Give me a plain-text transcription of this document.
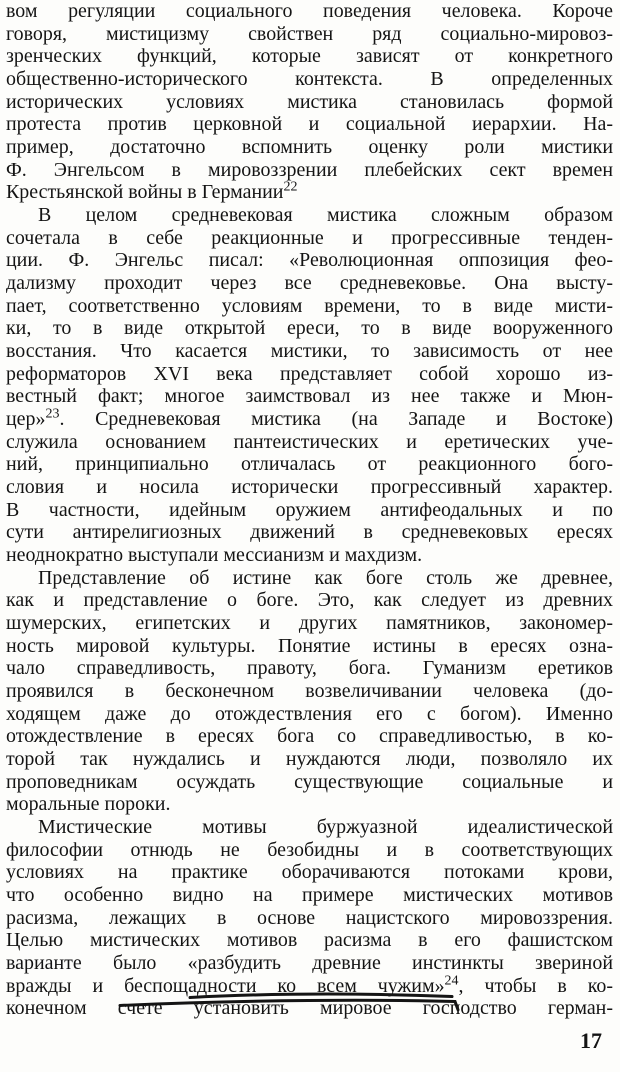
вом регуляции социального поведения человека. Короче
говоря, мистицизму свойствен ряд социально-мировоз-
зренческих функций, которые зависят от конкретного
общественно-исторического контекста. В определенных
исторических условиях мистика становилась формой
протеста против церковной и социальной иерархии. На-
пример, достаточно вспомнить оценку роли мистики
Ф. Энгельсом в мировоззрении плебейских сект времен
Крестьянской войны в Германии$^{22}$
В целом средневековая мистика сложным образом
сочетала в себе реакционные и прогрессивные тенден-
ции. Ф. Энгельс писал: «Революционная оппозиция фео-
дализму проходит через все средневековье. Она высту-
пает, соответственно условиям времени, то в виде мисти-
ки, то в виде открытой ереси, то в виде вооруженного
восстания. Что касается мистики, то зависимость от нее
реформаторов XVI века представляет собой хорошо из-
вестный факт; многое заимствовал из нее также и Мюн-
цер»$^{23}$. Средневековая мистика (на Западе и Востоке)
служила основанием пантеистических и еретических уче-
ний, принципиально отличалась от реакционного бого-
словия и носила исторически прогрессивный характер.
В частности, идейным оружием антифеодальных и по
сути антирелигиозных движений в средневековых ересях
неоднократно выступали мессианизм и махдизм.
Представление об истине как боге столь же древнее,
как и представление о боге. Это, как следует из древних
шумерских, египетских и других памятников, закономер-
ность мировой культуры. Понятие истины в ересях озна-
чало справедливость, правоту, бога. Гуманизм еретиков
проявился в бесконечном возвеличивании человека (до-
ходящем даже до отождествления его с богом). Именно
отождествление в ересях бога со справедливостью, в ко-
торой так нуждались и нуждаются люди, позволяло их
проповедникам осуждать существующие социальные и
моральные пороки.
Мистические мотивы буржуазной идеалистической
философии отнюдь не безобидны и в соответствующих
условиях на практике оборачиваются потоками крови,
что особенно видно на примере мистических мотивов
расизма, лежащих в основе нацистского мировоззрения.
Целью мистических мотивов расизма в его фашистском
варианте было «разбудить древние инстинкты звериной
вражды и беспощадности ко всем чужим»$^{24}$, чтобы в ко-
конечном счете установить мировое господство герман-
17
